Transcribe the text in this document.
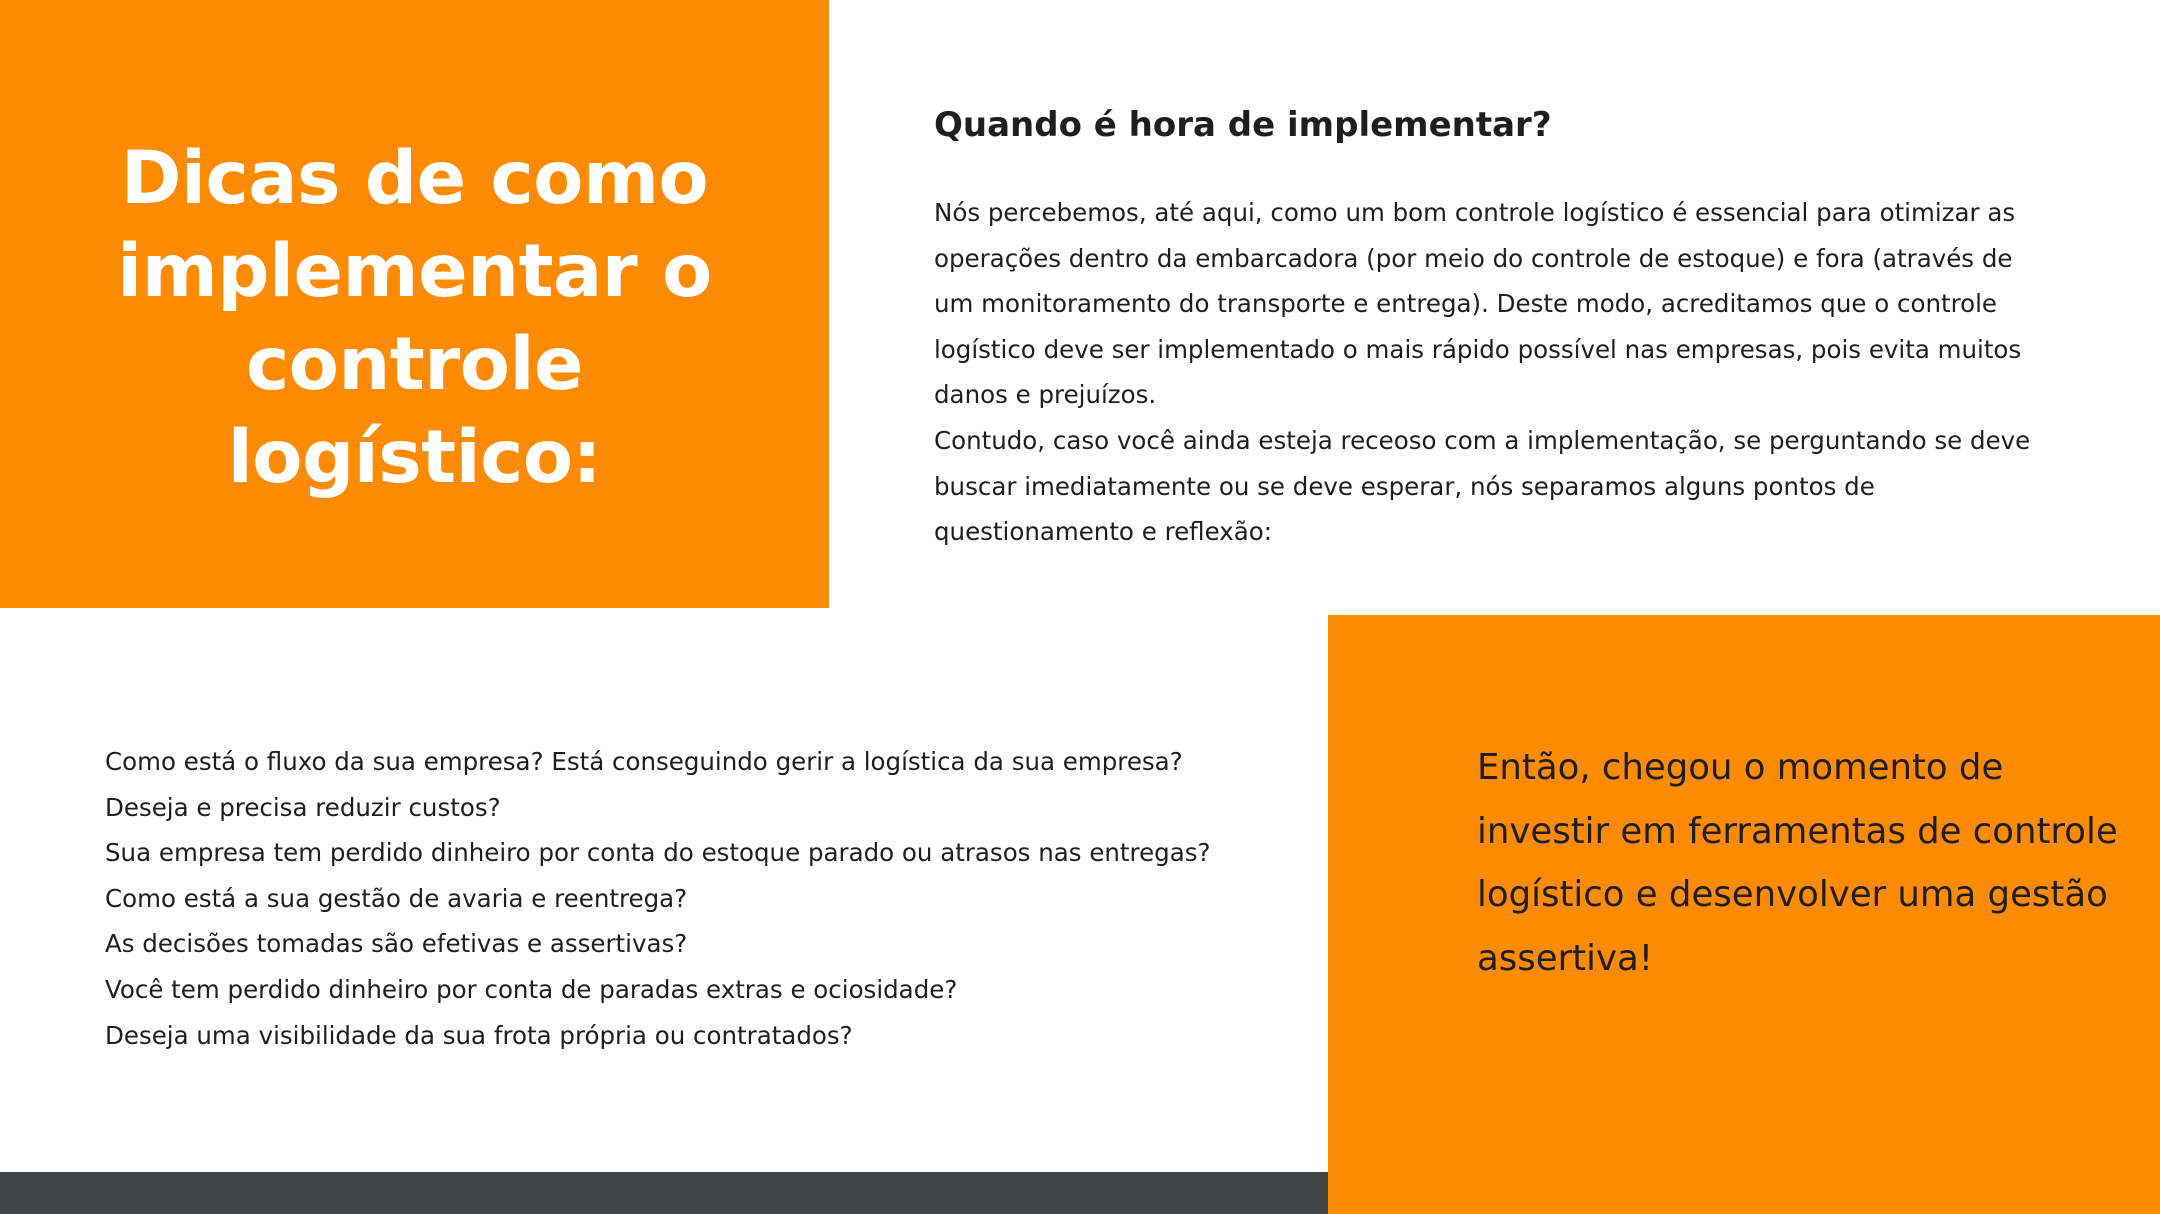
Dicas de como
implementar o
controle
logístico:
Quando é hora de implementar?

Nós percebemos, até aqui, como um bom controle logístico é essencial para otimizar as operações dentro da embarcadora (por meio do controle de estoque) e fora (através de um monitoramento do transporte e entrega). Deste modo, acreditamos que o controle logístico deve ser implementado o mais rápido possível nas empresas, pois evita muitos danos e prejuízos.

Contudo, caso você ainda esteja receoso com a implementação, se perguntando se deve buscar imediatamente ou se deve esperar, nós separamos alguns pontos de questionamento e reflexão:

Como está o fluxo da sua empresa? Está conseguindo gerir a logística da sua empresa?
Deseja e precisa reduzir custos?
Sua empresa tem perdido dinheiro por conta do estoque parado ou atrasos nas entregas?
Como está a sua gestão de avaria e reentrega?
As decisões tomadas são efetivas e assertivas?
Você tem perdido dinheiro por conta de paradas extras e ociosidade?
Deseja uma visibilidade da sua frota própria ou contratados?

Então, chegou o momento de investir em ferramentas de controle logístico e desenvolver uma gestão assertiva!
